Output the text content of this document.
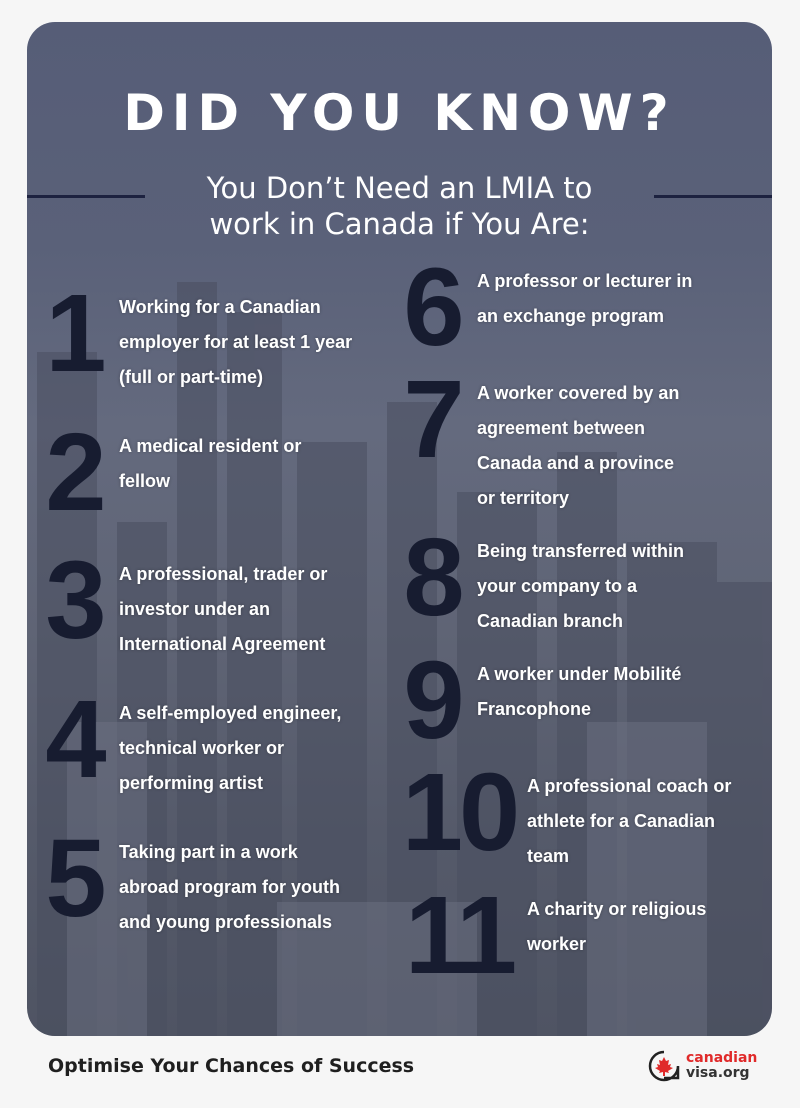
DID YOU KNOW?
You Don’t Need an LMIA to
work in Canada if You Are:
1 Working for a Canadian
employer for at least 1 year
(full or part-time)
2 A medical resident or
fellow
3 A professional, trader or
investor under an
International Agreement
4 A self-employed engineer,
technical worker or
performing artist
5 Taking part in a work
abroad program for youth
and young professionals
6 A professor or lecturer in
an exchange program
7 A worker covered by an
agreement between
Canada and a province
or territory
8 Being transferred within
your company to a
Canadian branch
9 A worker under Mobilité
Francophone
10 A professional coach or
athlete for a Canadian
team
11 A charity or religious
worker
Optimise Your Chances of Success	canadian
visa.org
